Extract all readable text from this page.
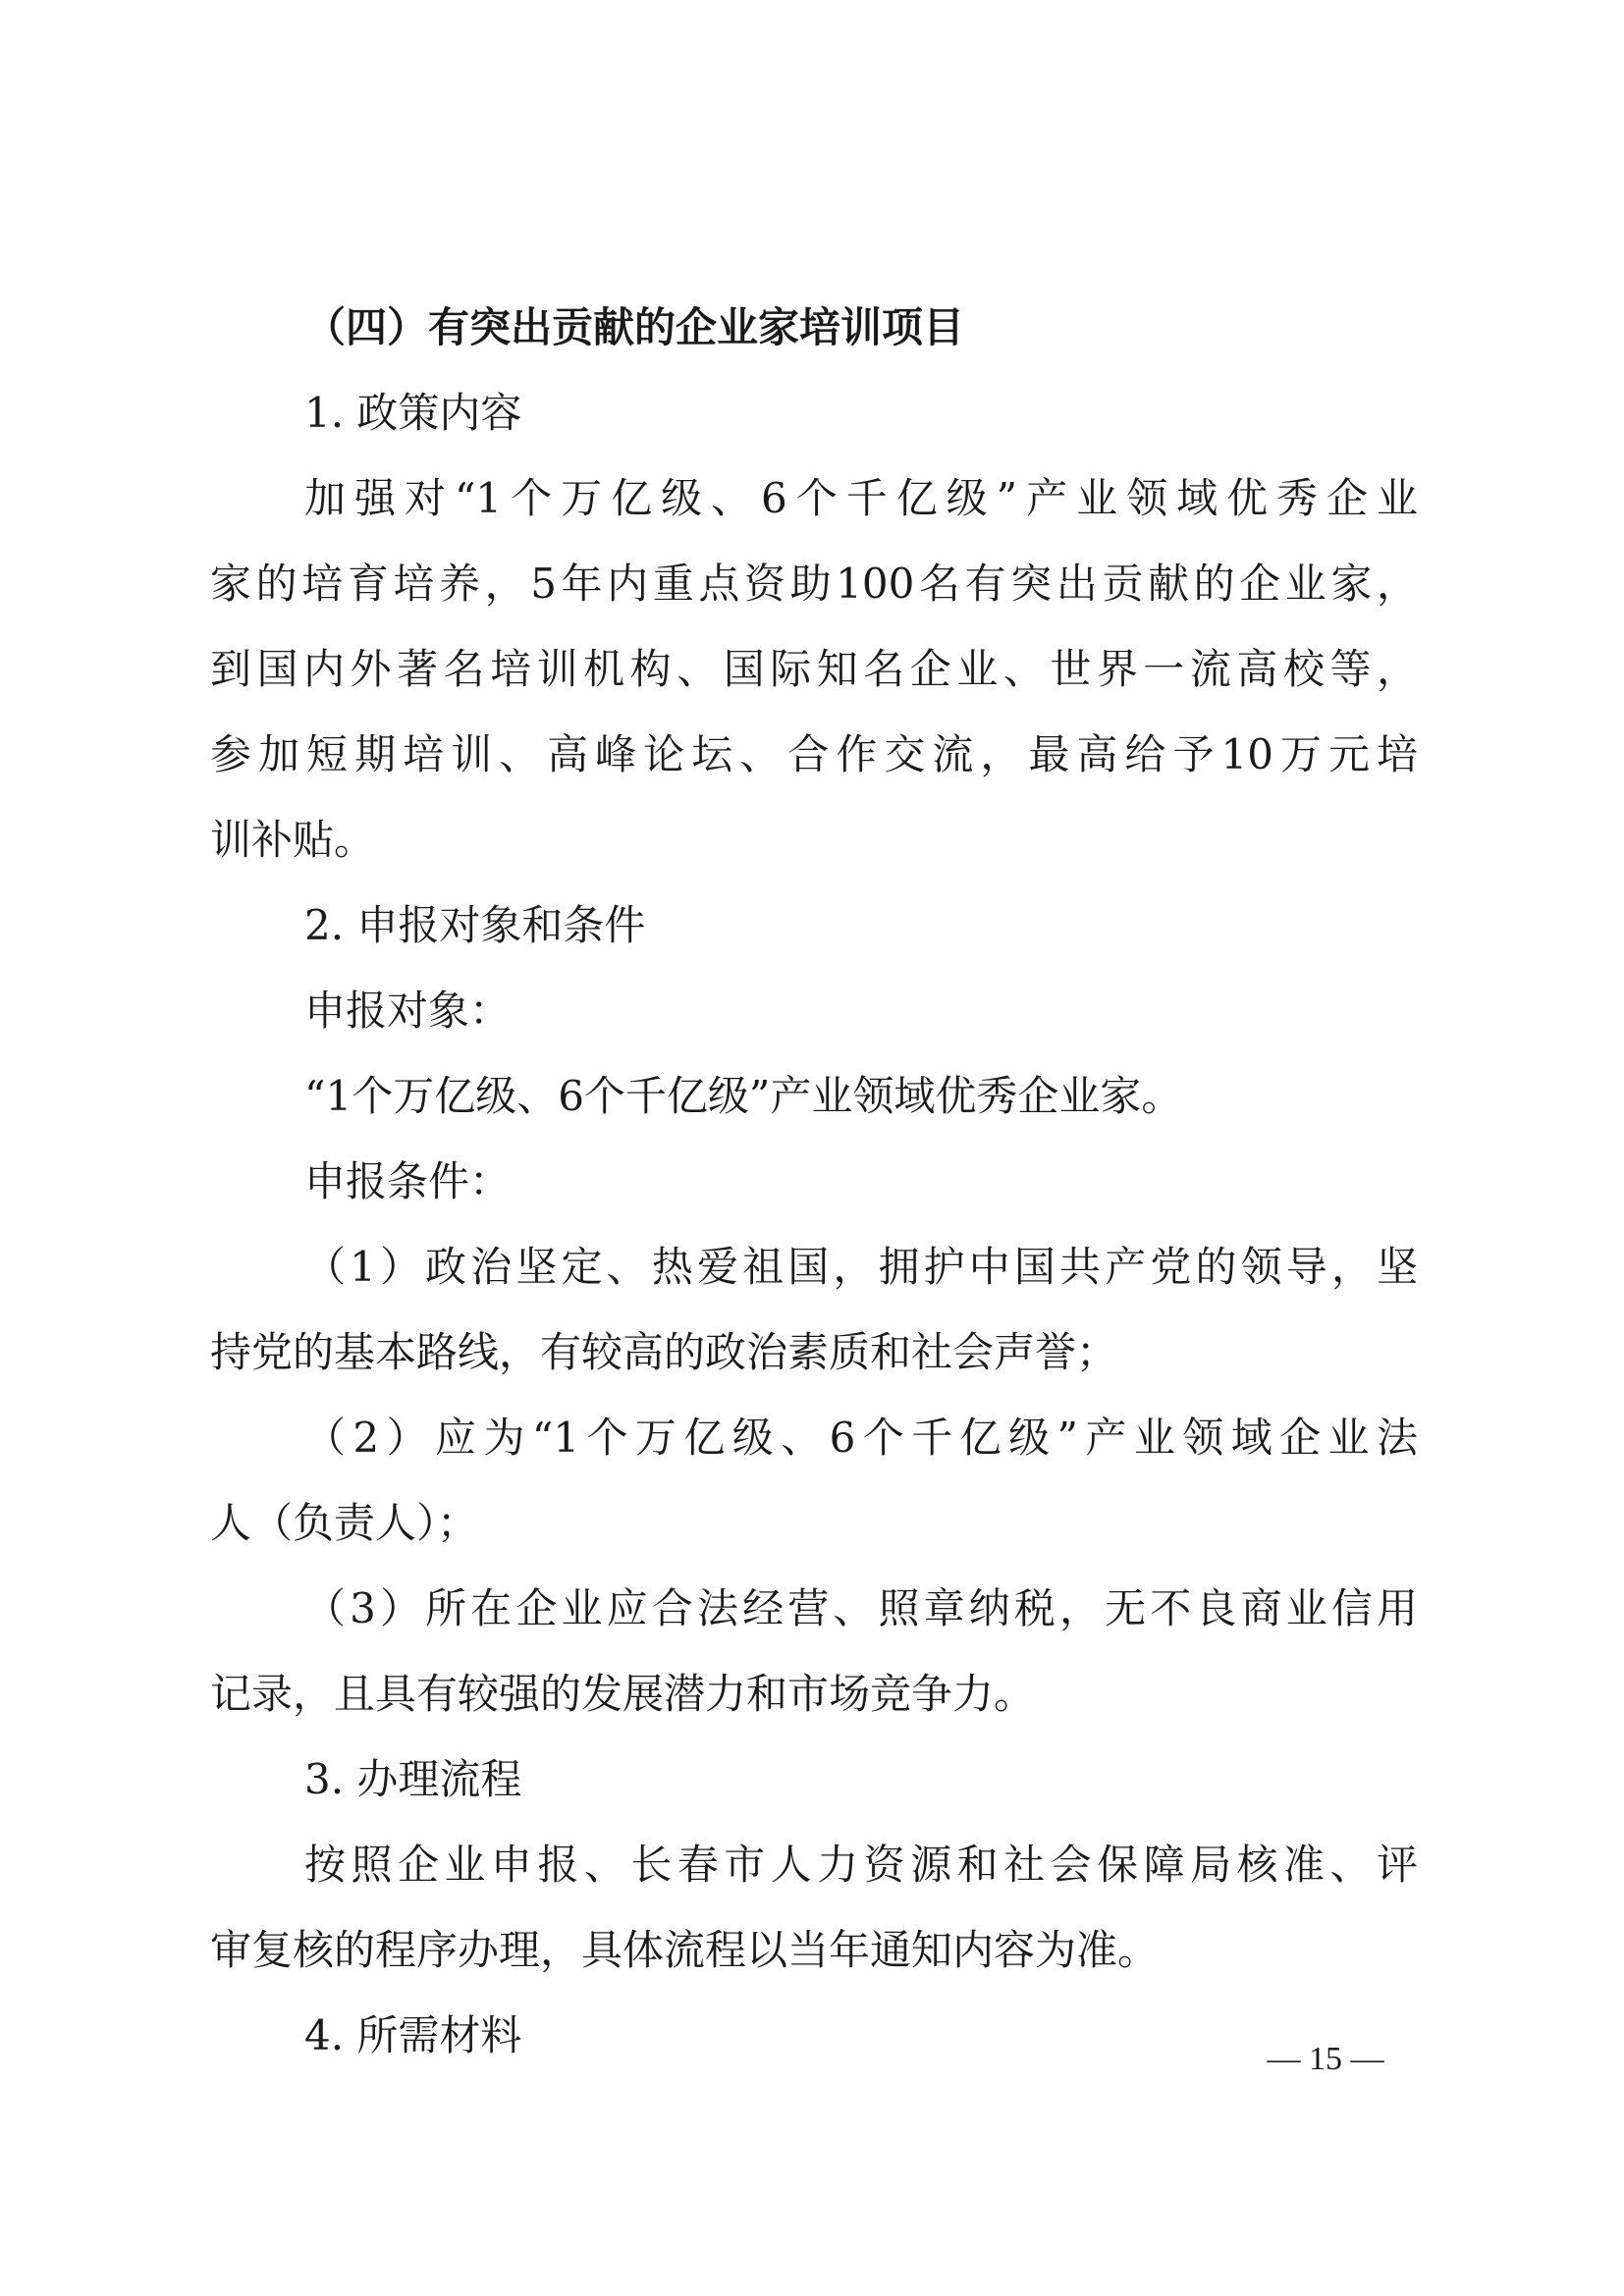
（四）有突出贡献的企业家培训项目
1. 政策内容
加强对“1个万亿级、6个千亿级”产业领域优秀企业
家的培育培养，5年内重点资助100名有突出贡献的企业家，
到国内外著名培训机构、国际知名企业、世界一流高校等，
参加短期培训、高峰论坛、合作交流，最高给予10万元培
训补贴。
2. 申报对象和条件
申报对象：
“1个万亿级、6个千亿级”产业领域优秀企业家。
申报条件：
（1）政治坚定、热爱祖国，拥护中国共产党的领导，坚
持党的基本路线，有较高的政治素质和社会声誉；
（2）应为“1个万亿级、6个千亿级”产业领域企业法
人（负责人）；
（3）所在企业应合法经营、照章纳税，无不良商业信用
记录，且具有较强的发展潜力和市场竞争力。
3. 办理流程
按照企业申报、长春市人力资源和社会保障局核准、评
审复核的程序办理，具体流程以当年通知内容为准。
4. 所需材料	— 15 —
